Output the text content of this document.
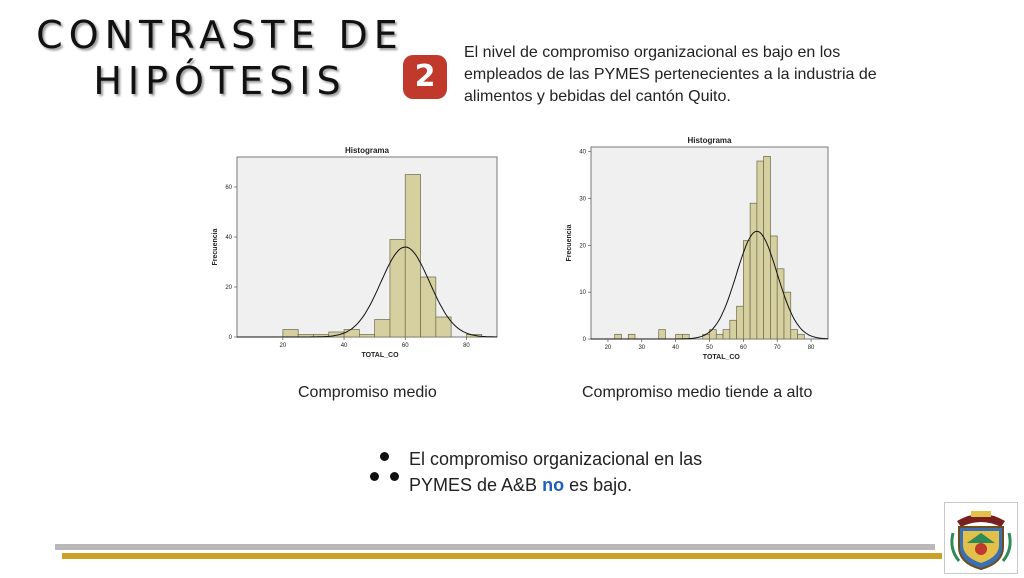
CONTRASTE DE
HIPÓTESIS	2
El nivel de compromiso organizacional es bajo en los empleados de las PYMES pertenecientes a la industria de alimentos y bebidas del cantón Quito.
Histograma
0
20
40
60
20	40	60	80
TOTAL_CO
Frecuencia
Histograma
0
10
20
30
40
20	30	40	50	60	70	80
TOTAL_CO
Frecuencia
Compromiso medio	Compromiso medio tiende a alto
El compromiso organizacional en las PYMES de A&B no es bajo.
